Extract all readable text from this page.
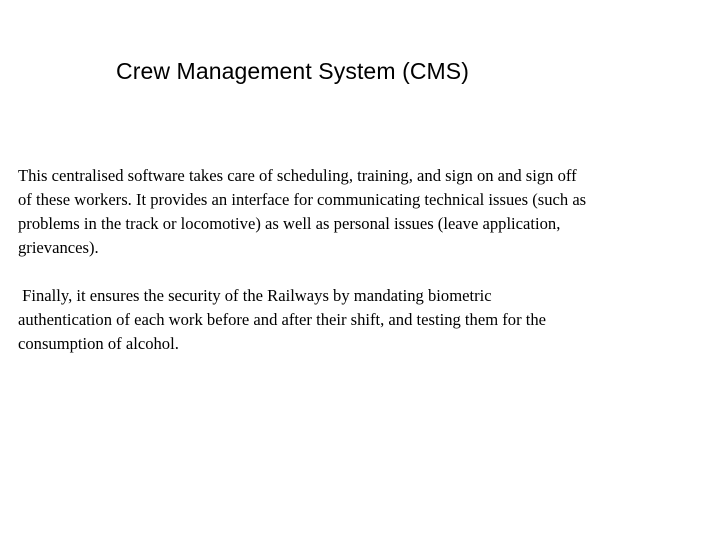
Crew Management System (CMS)

This centralised software takes care of scheduling, training, and sign on and sign off
of these workers. It provides an interface for communicating technical issues (such as
problems in the track or locomotive) as well as personal issues (leave application,
grievances).

Finally, it ensures the security of the Railways by mandating biometric
authentication of each work before and after their shift, and testing them for the
consumption of alcohol.
